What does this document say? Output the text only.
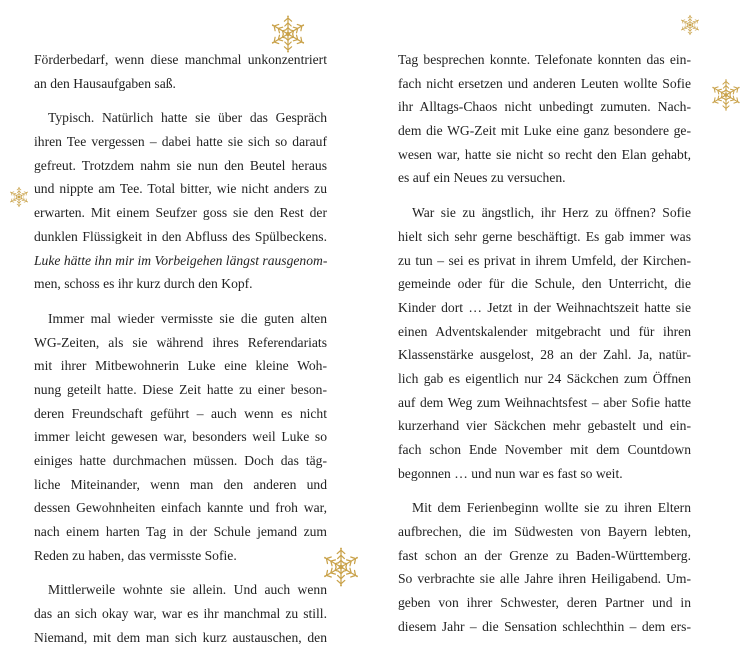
Förderbedarf, wenn diese manchmal unkonzentriert
an den Hausaufgaben saß.
Typisch. Natürlich hatte sie über das Gespräch
ihren Tee vergessen – dabei hatte sie sich so darauf
gefreut. Trotzdem nahm sie nun den Beutel heraus
und nippte am Tee. Total bitter, wie nicht anders zu
erwarten. Mit einem Seufzer goss sie den Rest der
dunklen Flüssigkeit in den Abfluss des Spülbeckens.
Luke hätte ihn mir im Vorbeigehen längst rausgenom-
men, schoss es ihr kurz durch den Kopf.
Immer mal wieder vermisste sie die guten alten
WG-Zeiten, als sie während ihres Referendariats
mit ihrer Mitbewohnerin Luke eine kleine Woh-
nung geteilt hatte. Diese Zeit hatte zu einer beson-
deren Freundschaft geführt – auch wenn es nicht
immer leicht gewesen war, besonders weil Luke so
einiges hatte durchmachen müssen. Doch das täg-
liche Miteinander, wenn man den anderen und
dessen Gewohnheiten einfach kannte und froh war,
nach einem harten Tag in der Schule jemand zum
Reden zu haben, das vermisste Sofie.
Mittlerweile wohnte sie allein. Und auch wenn
das an sich okay war, war es ihr manchmal zu still.
Niemand, mit dem man sich kurz austauschen, den
Tag besprechen konnte. Telefonate konnten das ein-
fach nicht ersetzen und anderen Leuten wollte Sofie
ihr Alltags-Chaos nicht unbedingt zumuten. Nach-
dem die WG-Zeit mit Luke eine ganz besondere ge-
wesen war, hatte sie nicht so recht den Elan gehabt,
es auf ein Neues zu versuchen.
War sie zu ängstlich, ihr Herz zu öffnen? Sofie
hielt sich sehr gerne beschäftigt. Es gab immer was
zu tun – sei es privat in ihrem Umfeld, der Kirchen-
gemeinde oder für die Schule, den Unterricht, die
Kinder dort … Jetzt in der Weihnachtszeit hatte sie
einen Adventskalender mitgebracht und für ihren
Klassenstärke ausgelost, 28 an der Zahl. Ja, natür-
lich gab es eigentlich nur 24 Säckchen zum Öffnen
auf dem Weg zum Weihnachtsfest – aber Sofie hatte
kurzerhand vier Säckchen mehr gebastelt und ein-
fach schon Ende November mit dem Countdown
begonnen … und nun war es fast so weit.
Mit dem Ferienbeginn wollte sie zu ihren Eltern
aufbrechen, die im Südwesten von Bayern lebten,
fast schon an der Grenze zu Baden-Württemberg.
So verbrachte sie alle Jahre ihren Heiligabend. Um-
geben von ihrer Schwester, deren Partner und in
diesem Jahr – die Sensation schlechthin – dem ers-
